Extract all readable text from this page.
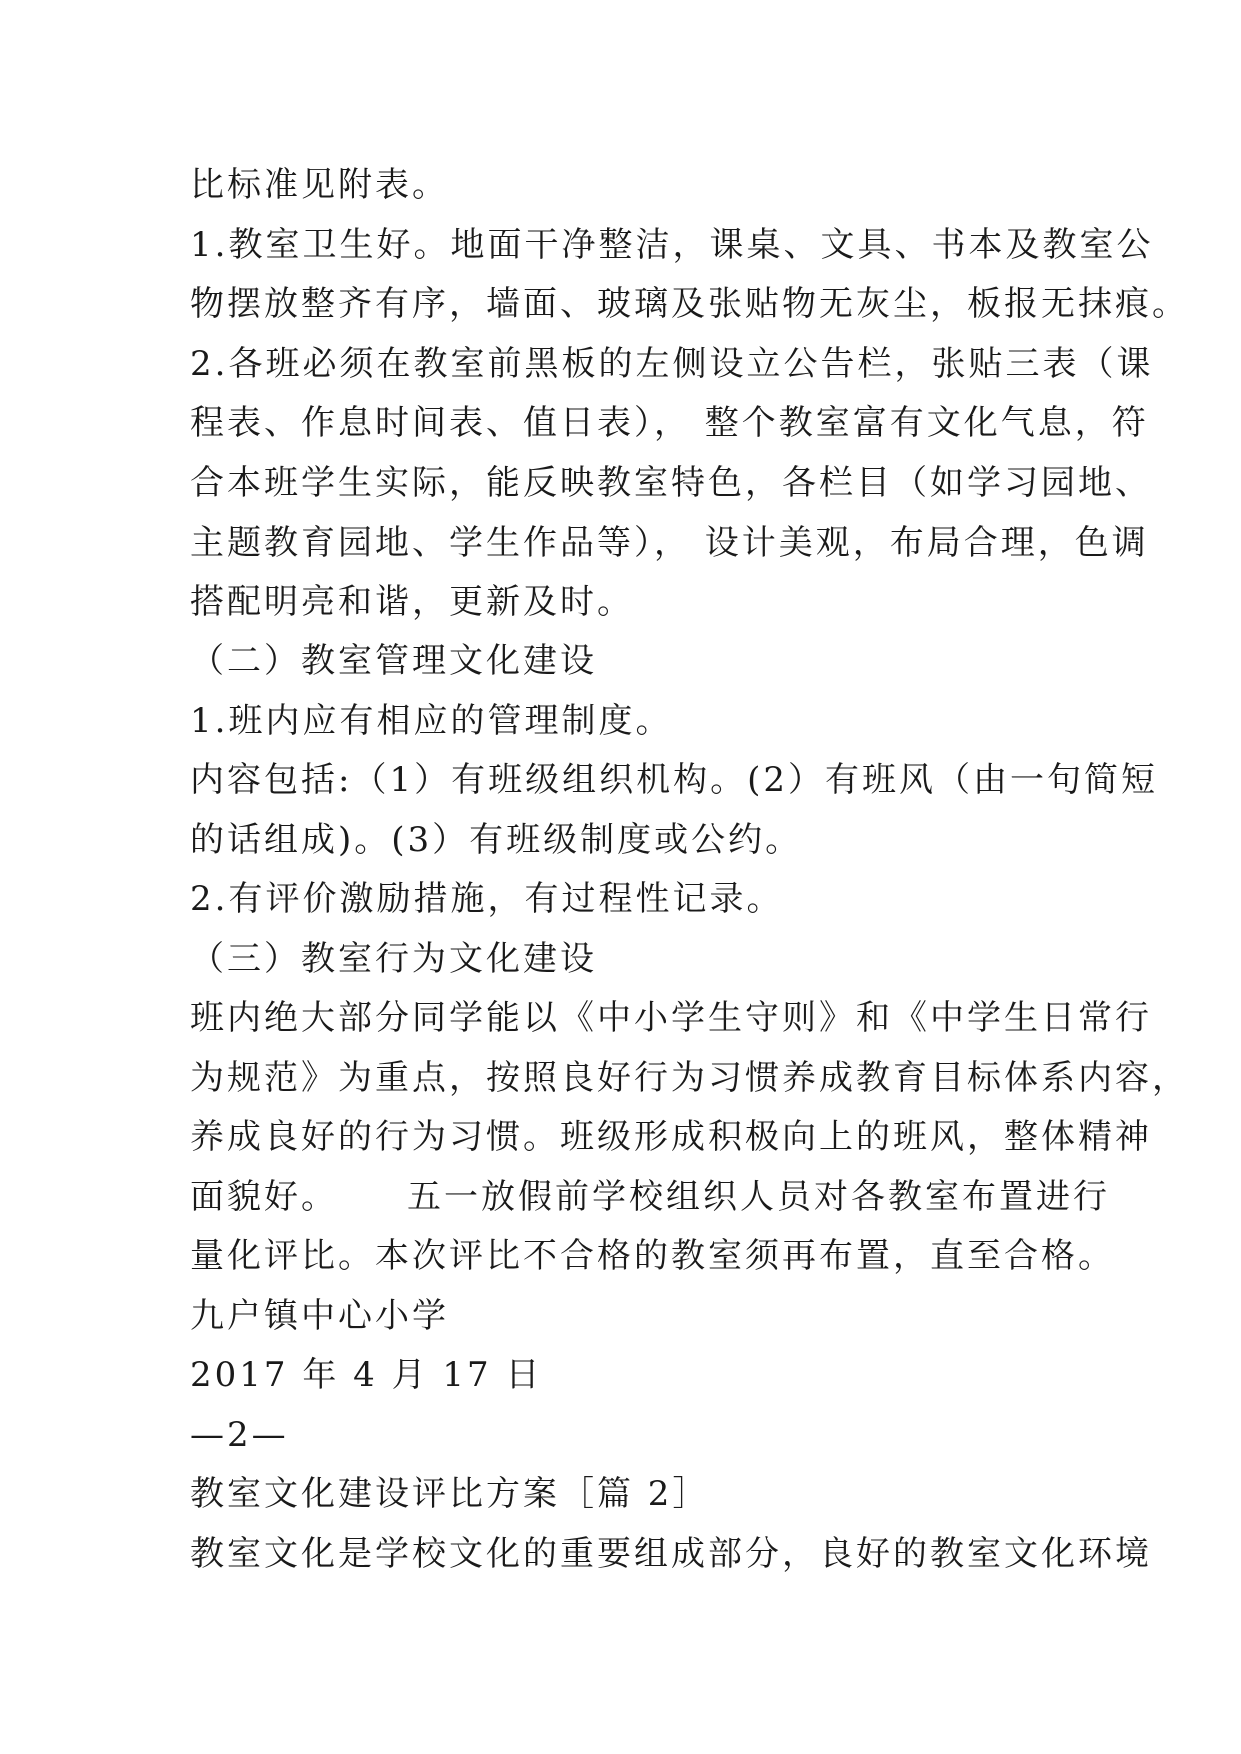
比标准见附表。
1.教室卫生好。地面干净整洁，课桌、文具、书本及教室公
物摆放整齐有序，墙面、玻璃及张贴物无灰尘，板报无抹痕。
2.各班必须在教室前黑板的左侧设立公告栏，张贴三表（课
程表、作息时间表、值日表）， 整个教室富有文化气息，符
合本班学生实际，能反映教室特色，各栏目（如学习园地、
主题教育园地、学生作品等）， 设计美观，布局合理，色调
搭配明亮和谐，更新及时。
（二）教室管理文化建设
1.班内应有相应的管理制度。
内容包括:（1）有班级组织机构。(2）有班风（由一句简短
的话组成)。(3）有班级制度或公约。
2.有评价激励措施，有过程性记录。
（三）教室行为文化建设
班内绝大部分同学能以《中小学生守则》和《中学生日常行
为规范》为重点，按照良好行为习惯养成教育目标体系内容，
养成良好的行为习惯。班级形成积极向上的班风，整体精神
面貌好。     五一放假前学校组织人员对各教室布置进行
量化评比。本次评比不合格的教室须再布置，直至合格。
九户镇中心小学
2017 年 4 月 17 日
—2—
教室文化建设评比方案［篇 2］
教室文化是学校文化的重要组成部分，良好的教室文化环境
